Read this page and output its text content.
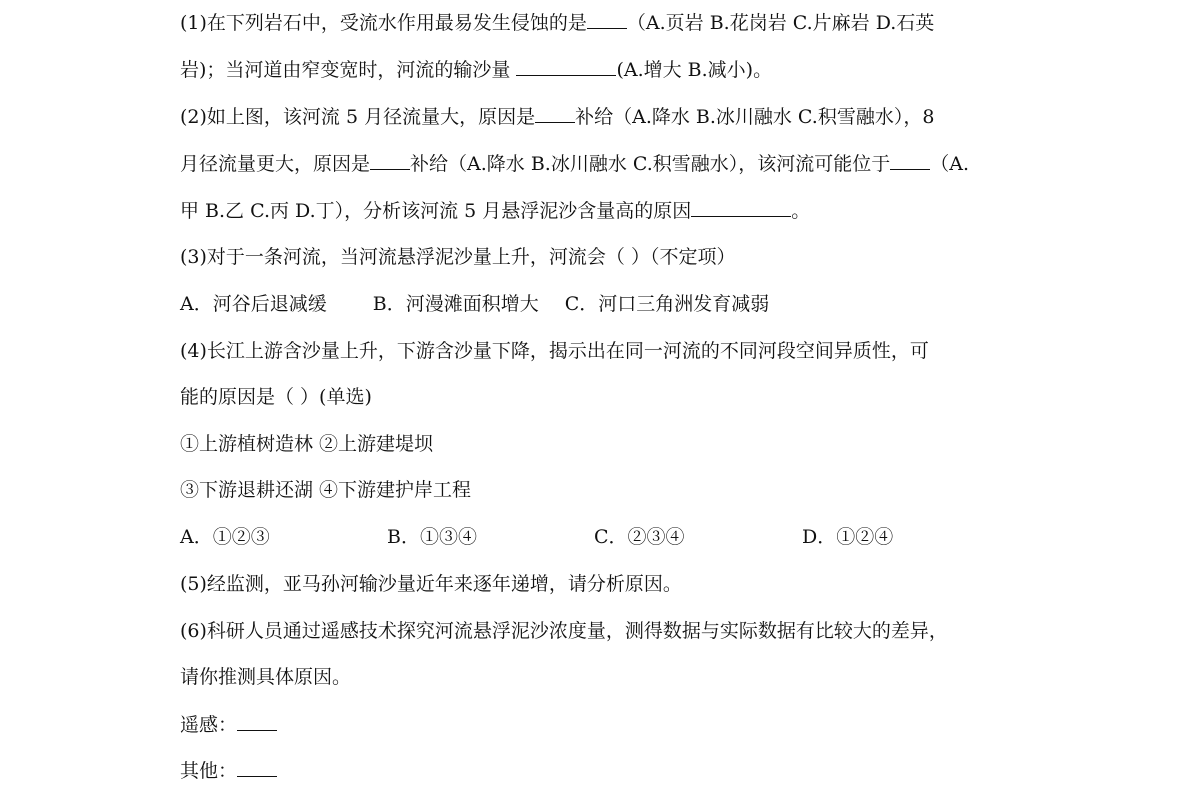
(1)在下列岩石中，受流水作用最易发生侵蚀的是 （A.页岩 B.花岗岩 C.片麻岩 D.石英
岩)；当河道由窄变宽时，河流的输沙量	(A.增大 B.减小)。
(2)如上图，该河流 5 月径流量大，原因是 补给（A.降水 B.冰川融水 C.积雪融水），8
月径流量更大，原因是 补给（A.降水 B.冰川融水 C.积雪融水），该河流可能位于 （A.
甲 B.乙 C.丙 D.丁），分析该河流 5 月悬浮泥沙含量高的原因	。
(3)对于一条河流，当河流悬浮泥沙量上升，河流会（ ）（不定项）
A．河谷后退减缓 B．河漫滩面积增大 C．河口三角洲发育减弱
(4)长江上游含沙量上升，下游含沙量下降，揭示出在同一河流的不同河段空间异质性，可
能的原因是（ ）(单选)
①上游植树造林 ②上游建堤坝
③下游退耕还湖 ④下游建护岸工程
A．①②③	B．①③④	C．②③④	D．①②④
(5)经监测，亚马孙河输沙量近年来逐年递增，请分析原因。
(6)科研人员通过遥感技术探究河流悬浮泥沙浓度量，测得数据与实际数据有比较大的差异，
请你推测具体原因。
遥感：
其他：
